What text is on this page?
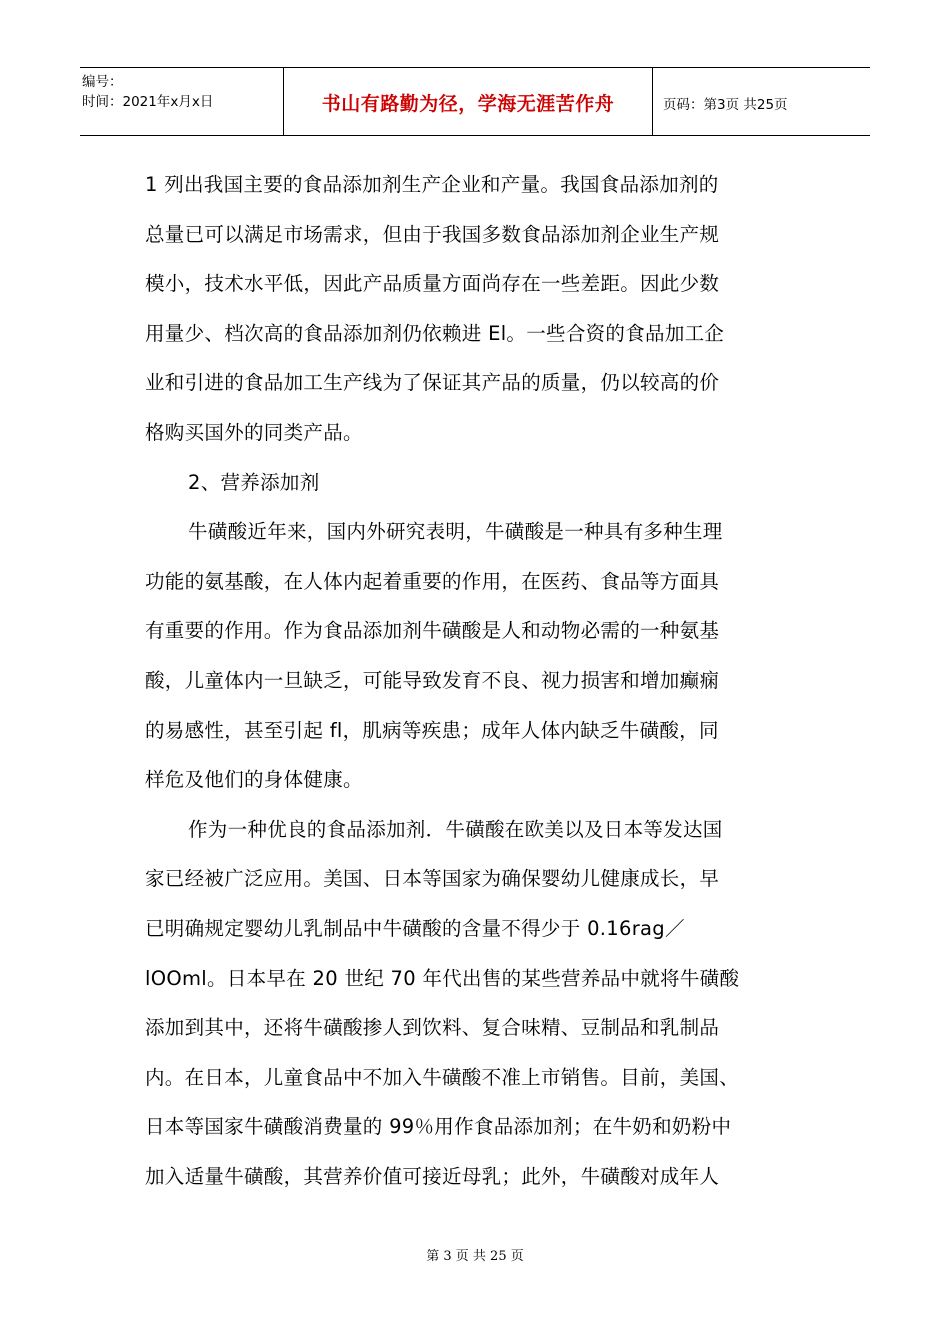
编号：
时间：2021年x月x日	书山有路勤为径，学海无涯苦作舟	页码：第3页 共25页
1 列出我国主要的食品添加剂生产企业和产量。我国食品添加剂的
总量已可以满足市场需求，但由于我国多数食品添加剂企业生产规
模小，技术水平低，因此产品质量方面尚存在一些差距。因此少数
用量少、档次高的食品添加剂仍依赖进 El。一些合资的食品加工企
业和引进的食品加工生产线为了保证其产品的质量，仍以较高的价
格购买国外的同类产品。
2、营养添加剂
牛磺酸近年来，国内外研究表明，牛磺酸是一种具有多种生理
功能的氨基酸，在人体内起着重要的作用，在医药、食品等方面具
有重要的作用。作为食品添加剂牛磺酸是人和动物必需的一种氨基
酸，儿童体内一旦缺乏，可能导致发育不良、视力损害和增加癫痫
的易感性，甚至引起 fl，肌病等疾患；成年人体内缺乏牛磺酸，同
样危及他们的身体健康。
作为一种优良的食品添加剂．牛磺酸在欧美以及日本等发达国
家已经被广泛应用。美国、日本等国家为确保婴幼儿健康成长，早
已明确规定婴幼儿乳制品中牛磺酸的含量不得少于 0.16rag／
lOOml。日本早在 20 世纪 70 年代出售的某些营养品中就将牛磺酸
添加到其中，还将牛磺酸掺人到饮料、复合味精、豆制品和乳制品
内。在日本，儿童食品中不加入牛磺酸不准上市销售。目前，美国、
日本等国家牛磺酸消费量的 99％用作食品添加剂；在牛奶和奶粉中
加入适量牛磺酸，其营养价值可接近母乳；此外，牛磺酸对成年人
第 3 页 共 25 页
